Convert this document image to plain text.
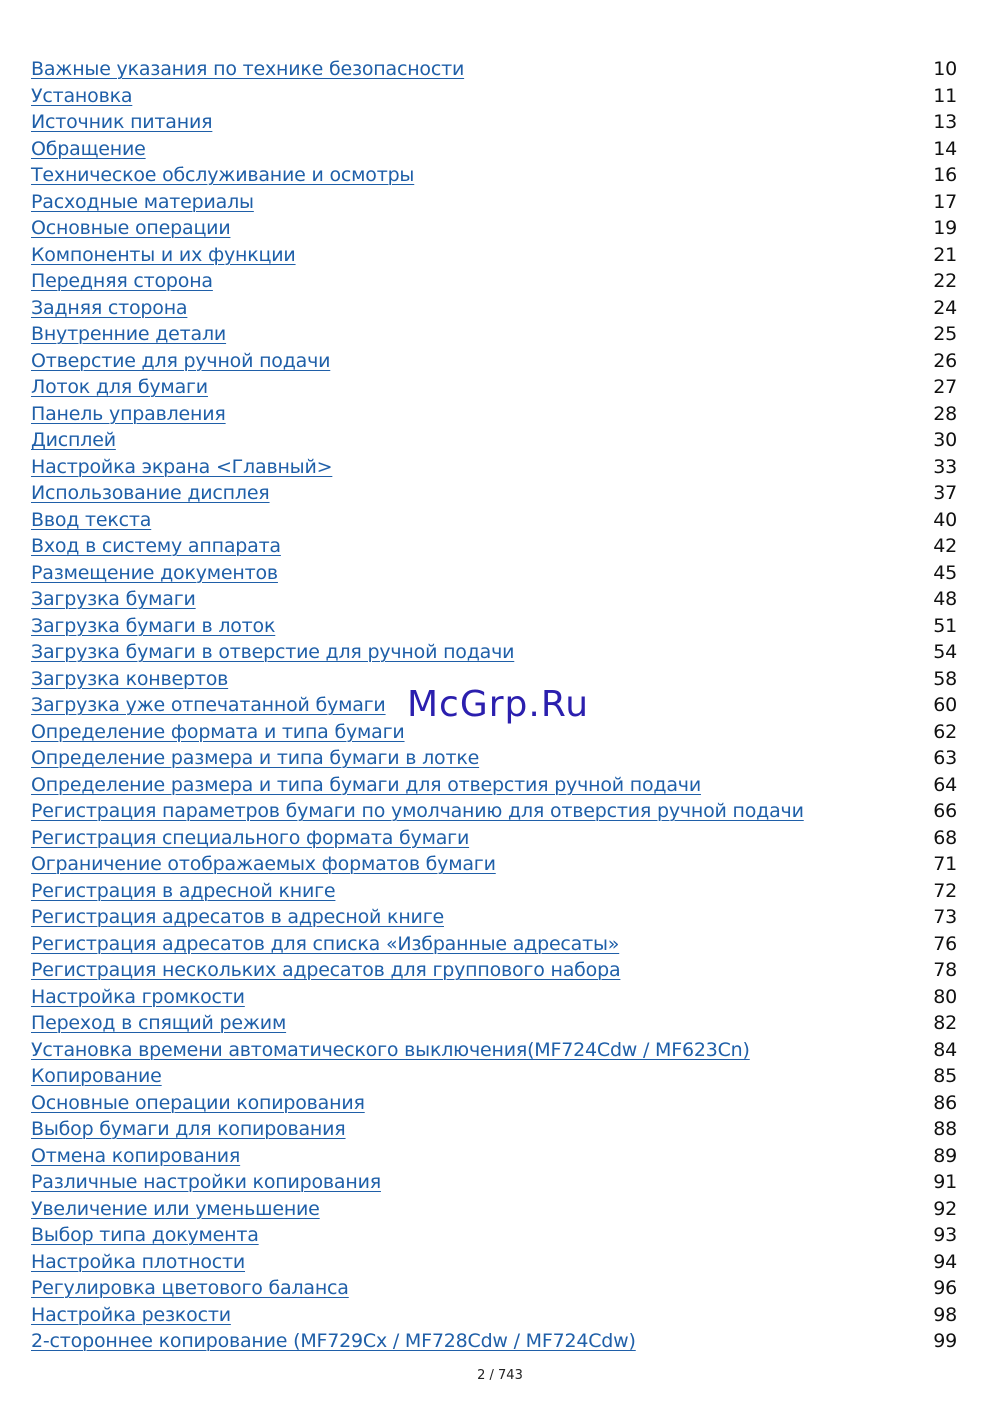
Важные указания по технике безопасности	10
Установка	11
Источник питания	13
Обращение	14
Техническое обслуживание и осмотры	16
Расходные материалы	17
Основные операции	19
Компоненты и их функции	21
Передняя сторона	22
Задняя сторона	24
Внутренние детали	25
Отверстие для ручной подачи	26
Лоток для бумаги	27
Панель управления	28
Дисплей	30
Настройка экрана <Главный>	33
Использование дисплея	37
Ввод текста	40
Вход в систему аппарата	42
Размещение документов	45
Загрузка бумаги	48
Загрузка бумаги в лоток	51
Загрузка бумаги в отверстие для ручной подачи	54
Загрузка конвертов	58
Загрузка уже отпечатанной бумаги	60
Определение формата и типа бумаги	62
Определение размера и типа бумаги в лотке	63
Определение размера и типа бумаги для отверстия ручной подачи	64
Регистрация параметров бумаги по умолчанию для отверстия ручной подачи	66
Регистрация специального формата бумаги	68
Ограничение отображаемых форматов бумаги	71
Регистрация в адресной книге	72
Регистрация адресатов в адресной книге	73
Регистрация адресатов для списка «Избранные адресаты»	76
Регистрация нескольких адресатов для группового набора	78
Настройка громкости	80
Переход в спящий режим	82
Установка времени автоматического выключения(MF724Cdw / MF623Cn)	84
Копирование	85
Основные операции копирования	86
Выбор бумаги для копирования	88
Отмена копирования	89
Различные настройки копирования	91
Увеличение или уменьшение	92
Выбор типа документа	93
Настройка плотности	94
Регулировка цветового баланса	96
Настройка резкости	98
2-стороннее копирование (MF729Cx / MF728Cdw / MF724Cdw)	99
McGrp.Ru
2 / 743
